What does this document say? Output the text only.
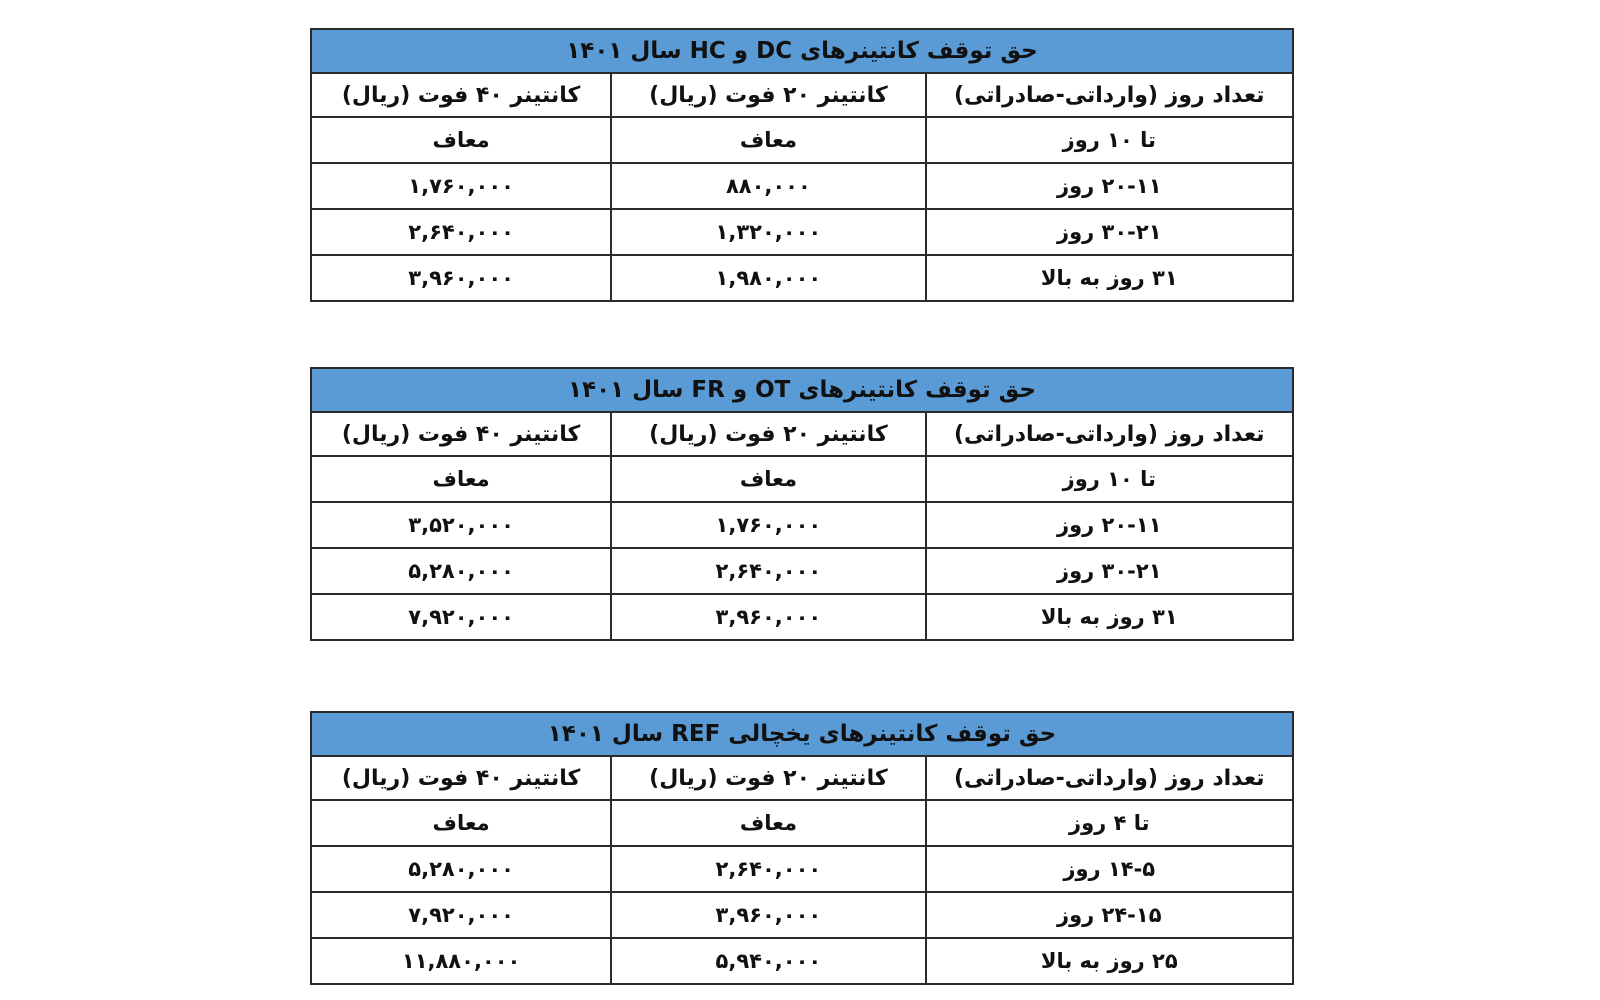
حق توقف کانتینرهای DC و HC سال ۱۴۰۱		
تعداد روز (وارداتی-صادراتی)	کانتینر ۲۰ فوت (ریال)	کانتینر ۴۰ فوت (ریال)
تا ۱۰ روز	معاف	معاف
۲۰-۱۱ روز	۸۸۰,۰۰۰	۱,۷۶۰,۰۰۰
۳۰-۲۱ روز	۱,۳۲۰,۰۰۰	۲,۶۴۰,۰۰۰
۳۱ روز به بالا	۱,۹۸۰,۰۰۰	۳,۹۶۰,۰۰۰
حق توقف کانتینرهای OT و FR سال ۱۴۰۱		
تعداد روز (وارداتی-صادراتی)	کانتینر ۲۰ فوت (ریال)	کانتینر ۴۰ فوت (ریال)
تا ۱۰ روز	معاف	معاف
۲۰-۱۱ روز	۱,۷۶۰,۰۰۰	۳,۵۲۰,۰۰۰
۳۰-۲۱ روز	۲,۶۴۰,۰۰۰	۵,۲۸۰,۰۰۰
۳۱ روز به بالا	۳,۹۶۰,۰۰۰	۷,۹۲۰,۰۰۰
حق توقف کانتینرهای یخچالی REF سال ۱۴۰۱		
تعداد روز (وارداتی-صادراتی)	کانتینر ۲۰ فوت (ریال)	کانتینر ۴۰ فوت (ریال)
تا ۴ روز	معاف	معاف
۱۴-۵ روز	۲,۶۴۰,۰۰۰	۵,۲۸۰,۰۰۰
۲۴-۱۵ روز	۳,۹۶۰,۰۰۰	۷,۹۲۰,۰۰۰
۲۵ روز به بالا	۵,۹۴۰,۰۰۰	۱۱,۸۸۰,۰۰۰
